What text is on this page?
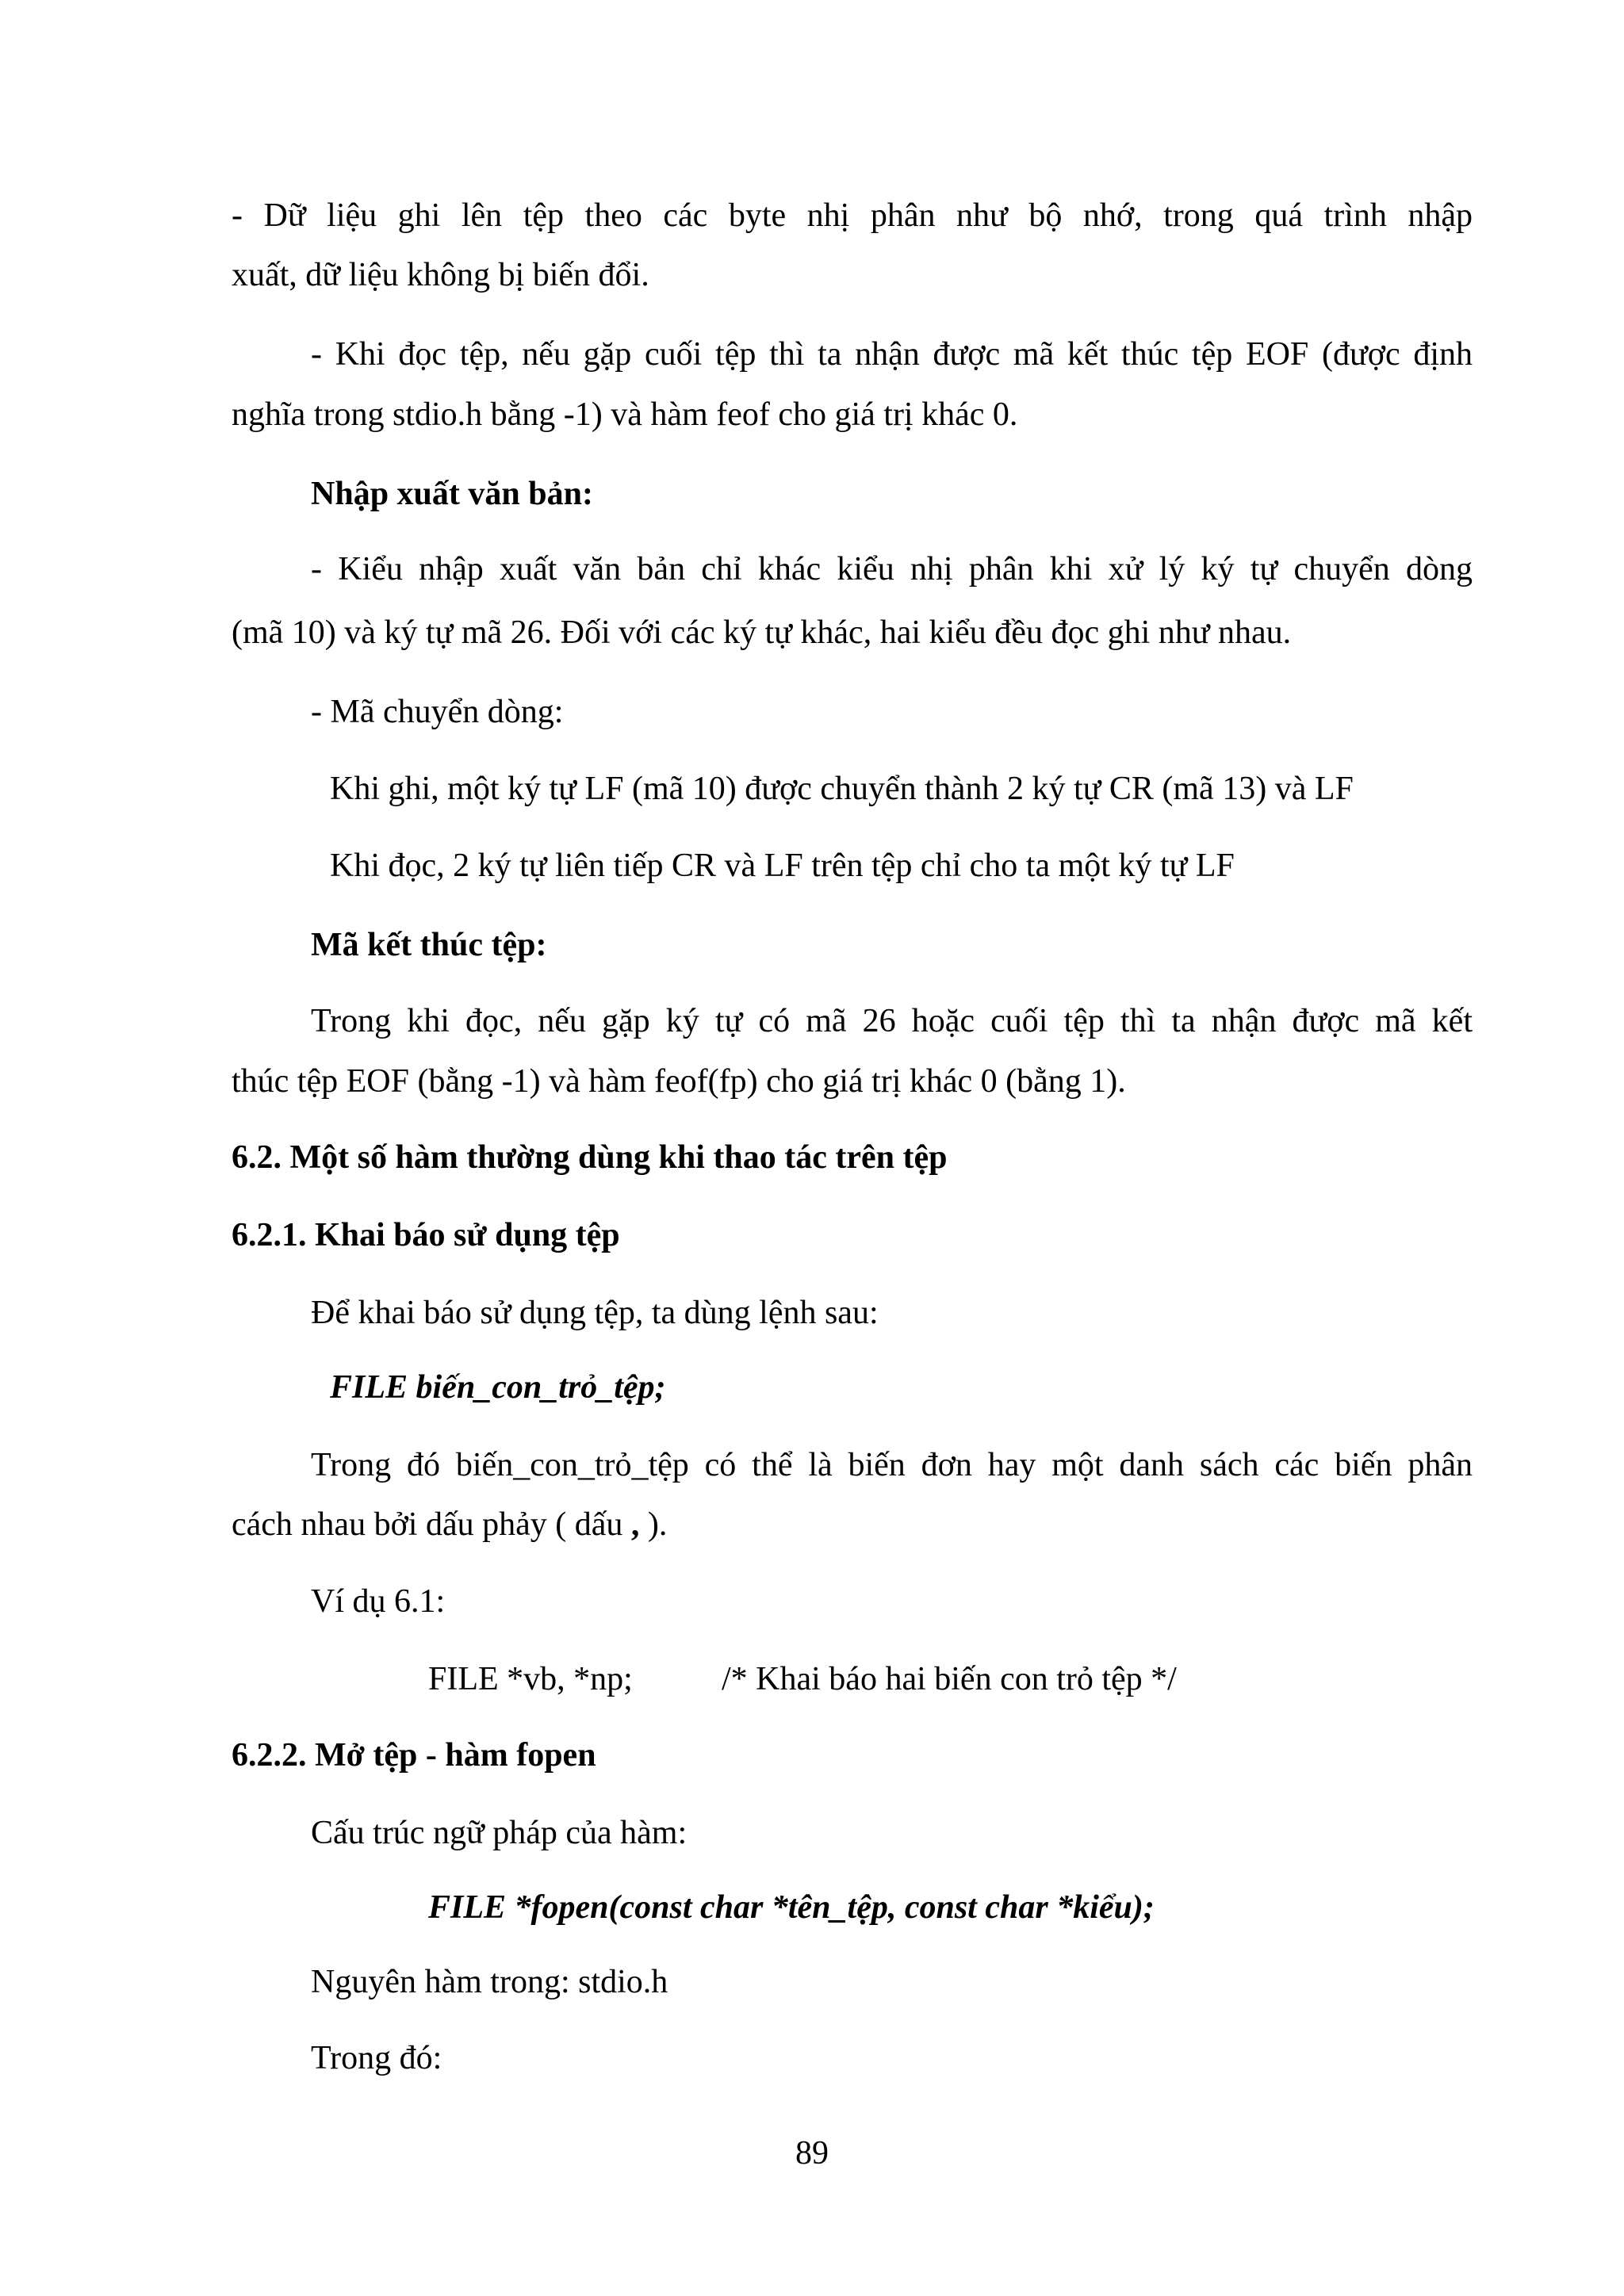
- Dữ liệu ghi lên tệp theo các byte nhị phân như bộ nhớ, trong quá trình nhập

xuất, dữ liệu không bị biến đổi.

- Khi đọc tệp, nếu gặp cuối tệp thì ta nhận được mã kết thúc tệp EOF (được định

nghĩa trong stdio.h bằng -1) và hàm feof cho giá trị khác 0.

Nhập xuất văn bản:

- Kiểu nhập xuất văn bản chỉ khác kiểu nhị phân khi xử lý ký tự chuyển dòng

(mã 10) và ký tự mã 26. Đối với các ký tự khác, hai kiểu đều đọc ghi như nhau.

- Mã chuyển dòng:

Khi ghi, một ký tự LF (mã 10) được chuyển thành 2 ký tự CR (mã 13) và LF

Khi đọc, 2 ký tự liên tiếp CR và LF trên tệp chỉ cho ta một ký tự LF

Mã kết thúc tệp:

Trong khi đọc, nếu gặp ký tự có mã 26 hoặc cuối tệp thì ta nhận được mã kết

thúc tệp EOF (bằng -1) và hàm feof(fp) cho giá trị khác 0 (bằng 1).

6.2. Một số hàm thường dùng khi thao tác trên tệp

6.2.1. Khai báo sử dụng tệp

Để khai báo sử dụng tệp, ta dùng lệnh sau:

FILE biến_con_trỏ_tệp;

Trong đó biến_con_trỏ_tệp có thể là biến đơn hay một danh sách các biến phân

cách nhau bởi dấu phảy ( dấu , ).

Ví dụ 6.1:

FILE *vb, *np;	/* Khai báo hai biến con trỏ tệp */

6.2.2. Mở tệp - hàm fopen

Cấu trúc ngữ pháp của hàm:

FILE *fopen(const char *tên_tệp, const char *kiểu);

Nguyên hàm trong: stdio.h

Trong đó:

89
